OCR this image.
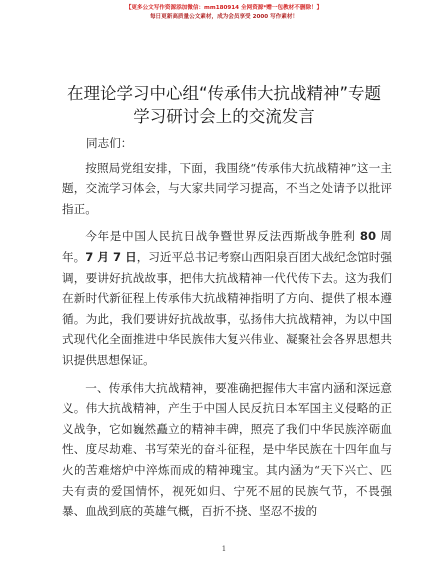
【更多公文写作资源添加微信：mm180914 全网资源*赠一包教材不删除！】
每日更新高质量公文素材，成为会员享受 2000 写作素材！
在理论学习中心组“传承伟大抗战精神”专题
学习研讨会上的交流发言

同志们：

按照局党组安排，下面，我围绕“传承伟大抗战精神”这一主题，交流学习体会，与大家共同学习提高，不当之处请予以批评指正。

今年是中国人民抗日战争暨世界反法西斯战争胜利 80 周年。7 月 7 日，习近平总书记考察山西阳泉百团大战纪念馆时强调，要讲好抗战故事，把伟大抗战精神一代代传下去。这为我们在新时代新征程上传承伟大抗战精神指明了方向、提供了根本遵循。为此，我们要讲好抗战故事，弘扬伟大抗战精神，为以中国式现代化全面推进中华民族伟大复兴伟业、凝聚社会各界思想共识提供思想保证。

一、传承伟大抗战精神，要准确把握伟大丰富内涵和深远意义。伟大抗战精神，产生于中国人民反抗日本军国主义侵略的正义战争，它如巍然矗立的精神丰碑，照亮了我们中华民族淬砺血性、度尽劫难、书写荣光的奋斗征程，是中华民族在十四年血与火的苦难熔炉中淬炼而成的精神瑰宝。其内涵为“天下兴亡、匹夫有责的爱国情怀，视死如归、宁死不屈的民族气节，不畏强暴、血战到底的英雄气概，百折不挠、坚忍不拔的

1
